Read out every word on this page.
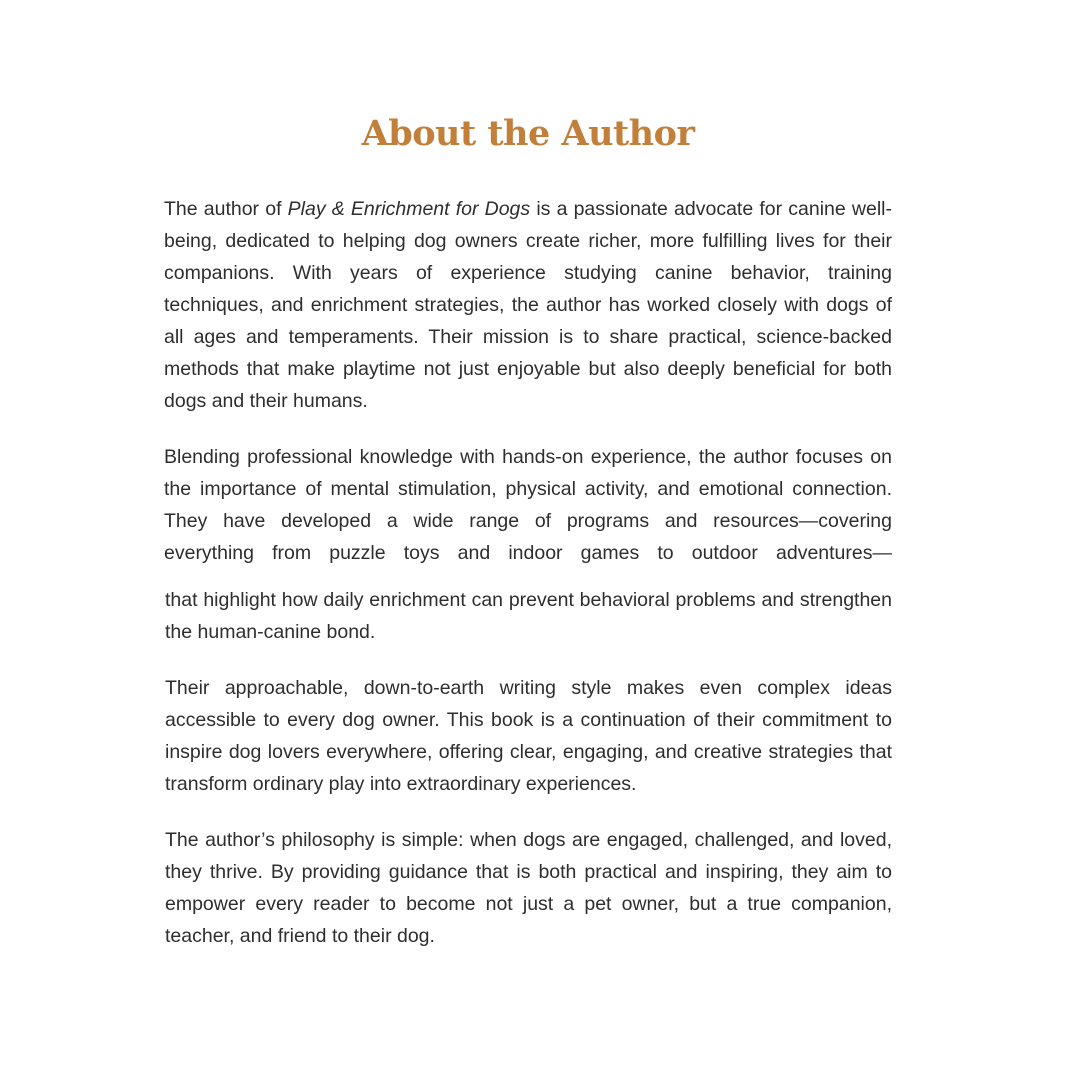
About the Author

The author of Play & Enrichment for Dogs is a passionate advocate for canine well-being, dedicated to helping dog owners create richer, more fulfilling lives for their companions. With years of experience studying canine behavior, training techniques, and enrichment strategies, the author has worked closely with dogs of all ages and temperaments. Their mission is to share practical, science-backed methods that make playtime not just enjoyable but also deeply beneficial for both dogs and their humans.

Blending professional knowledge with hands-on experience, the author focuses on the importance of mental stimulation, physical activity, and emotional connection. They have developed a wide range of programs and resources—covering everything from puzzle toys and indoor games to outdoor adventures—

that highlight how daily enrichment can prevent behavioral problems and strengthen the human-canine bond.

Their approachable, down-to-earth writing style makes even complex ideas accessible to every dog owner. This book is a continuation of their commitment to inspire dog lovers everywhere, offering clear, engaging, and creative strategies that transform ordinary play into extraordinary experiences.

The author’s philosophy is simple: when dogs are engaged, challenged, and loved, they thrive. By providing guidance that is both practical and inspiring, they aim to empower every reader to become not just a pet owner, but a true companion, teacher, and friend to their dog.
